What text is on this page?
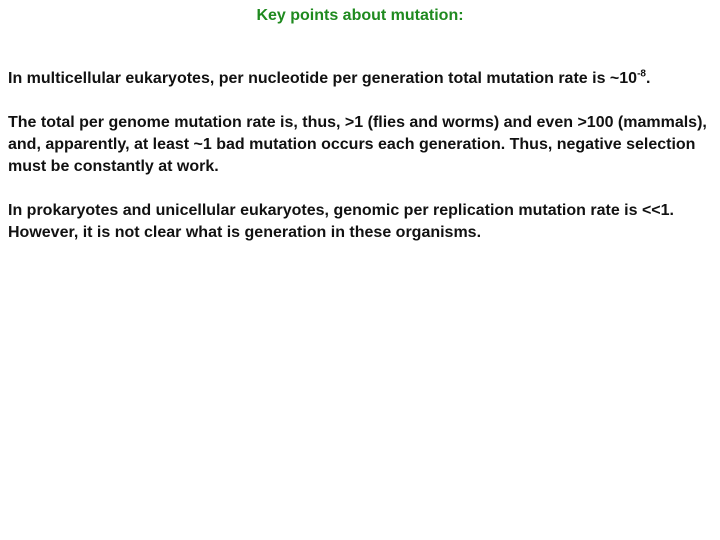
Key points about mutation:

In multicellular eukaryotes, per nucleotide per generation total mutation rate is $\sim 10^{-8}$.

The total per genome mutation rate is, thus, >1 (flies and worms) and even >100 (mammals), and, apparently, at least ~1 bad mutation occurs each generation. Thus, negative selection must be constantly at work.

In prokaryotes and unicellular eukaryotes, genomic per replication mutation rate is <<1. However, it is not clear what is generation in these organisms.
